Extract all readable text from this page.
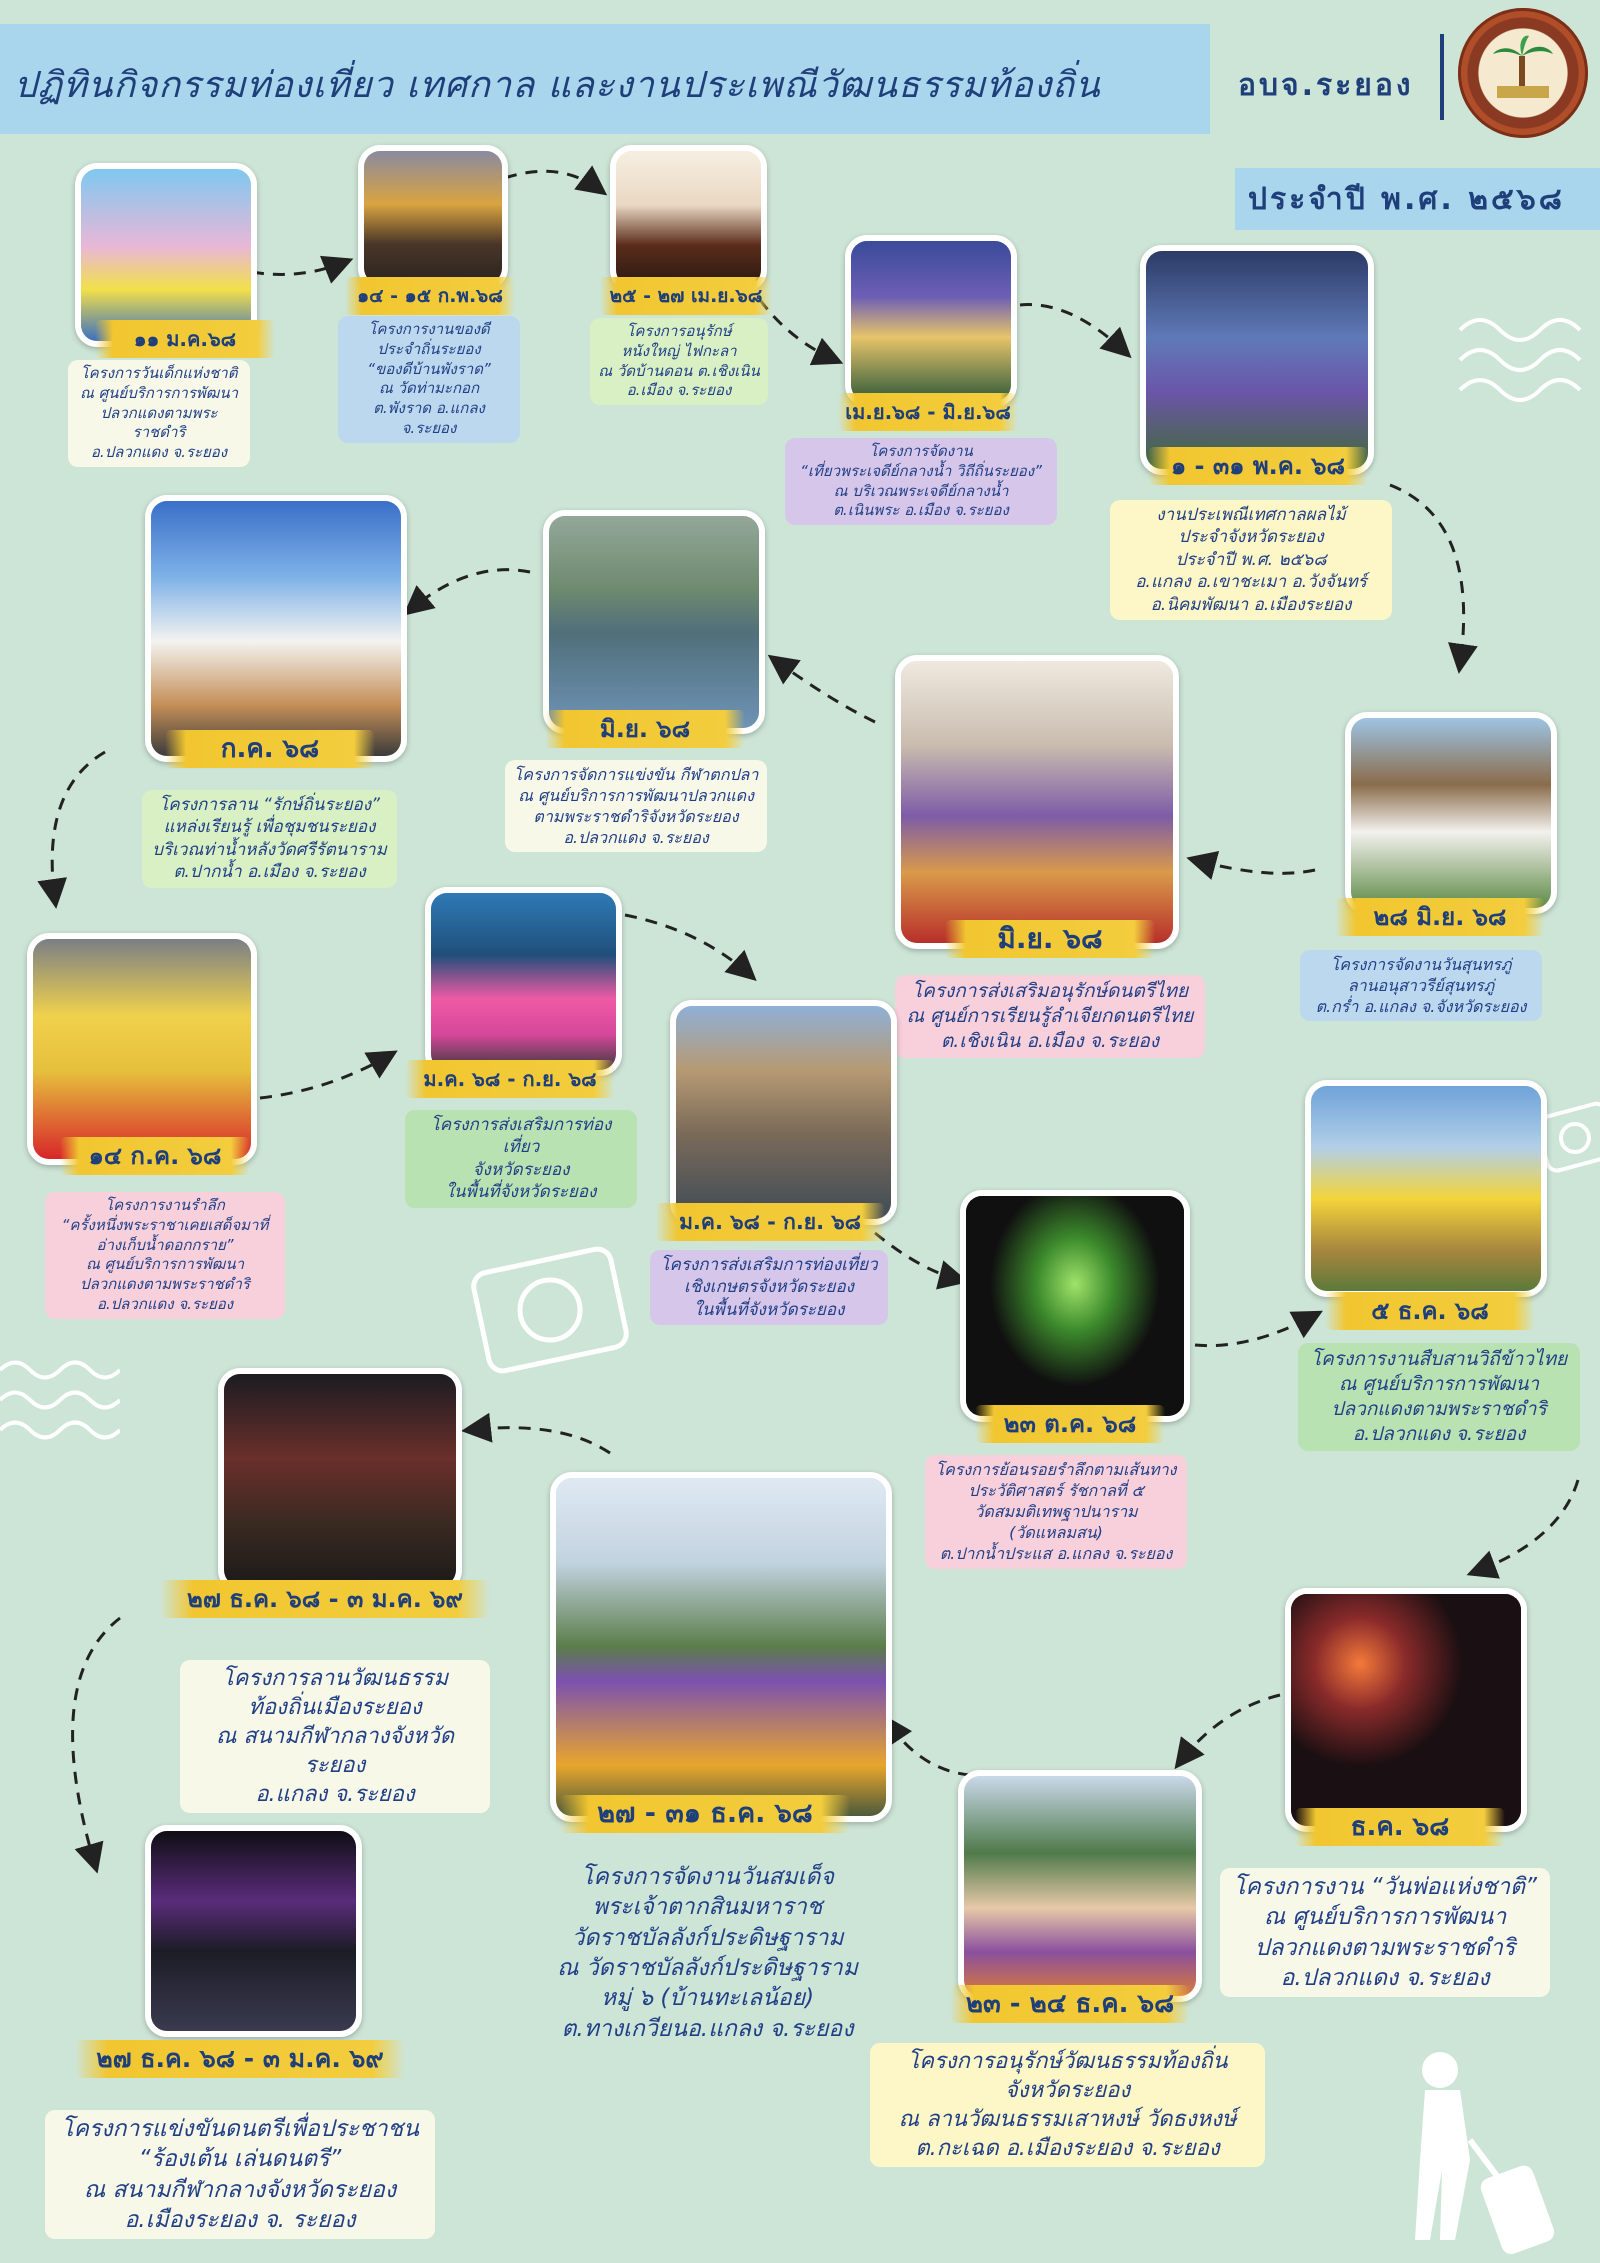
ปฏิทินกิจกรรมท่องเที่ยว เทศกาล และงานประเพณีวัฒนธรรมท้องถิ่น	อบจ.ระยอง
ประจำปี พ.ศ. ๒๕๖๘
๑๑ ม.ค.๖๘
โครงการวันเด็กแห่งชาติ
ณ ศูนย์บริการการพัฒนา
ปลวกแดงตามพระราชดำริ
อ.ปลวกแดง จ.ระยอง
๑๔ - ๑๕ ก.พ.๖๘
โครงการงานของดี
ประจำถิ่นระยอง
“ของดีบ้านพังราด”
ณ วัดท่ามะกอก
ต.พังราด อ.แกลง จ.ระยอง
๒๕ - ๒๗ เม.ย.๖๘
โครงการอนุรักษ์
หนังใหญ่ ไฟกะลา
ณ วัดบ้านดอน ต.เชิงเนิน
อ.เมือง จ.ระยอง
เม.ย.๖๘ - มิ.ย.๖๘
โครงการจัดงาน
“เที่ยวพระเจดีย์กลางน้ำ วิถีถิ่นระยอง”
ณ บริเวณพระเจดีย์กลางน้ำ
ต.เนินพระ อ.เมือง จ.ระยอง
๑ - ๓๑ พ.ค. ๖๘
งานประเพณีเทศกาลผลไม้
ประจำจังหวัดระยอง
ประจำปี พ.ศ. ๒๕๖๘
อ.แกลง อ.เขาชะเมา อ.วังจันทร์
อ.นิคมพัฒนา อ.เมืองระยอง
ก.ค. ๖๘
โครงการลาน “รักษ์ถิ่นระยอง”
แหล่งเรียนรู้ เพื่อชุมชนระยอง
บริเวณท่าน้ำหลังวัดศรีรัตนาราม
ต.ปากน้ำ อ.เมือง จ.ระยอง
มิ.ย. ๖๘
โครงการจัดการแข่งขัน กีฬาตกปลา
ณ ศูนย์บริการการพัฒนาปลวกแดง
ตามพระราชดำริจังหวัดระยอง
อ.ปลวกแดง จ.ระยอง
มิ.ย. ๖๘
โครงการส่งเสริมอนุรักษ์ดนตรีไทย
ณ ศูนย์การเรียนรู้ลำเจียกดนตรีไทย
ต.เชิงเนิน อ.เมือง จ.ระยอง
๒๘ มิ.ย. ๖๘
โครงการจัดงานวันสุนทรภู่
ลานอนุสาวรีย์สุนทรภู่
ต.กร่ำ อ.แกลง จ.จังหวัดระยอง
๑๔ ก.ค. ๖๘
โครงการงานรำลึก
“ครั้งหนึ่งพระราชาเคยเสด็จมาที่
อ่างเก็บน้ำดอกกราย”
ณ ศูนย์บริการการพัฒนา
ปลวกแดงตามพระราชดำริ
อ.ปลวกแดง จ.ระยอง
ม.ค. ๖๘ - ก.ย. ๖๘
โครงการส่งเสริมการท่องเที่ยว
จังหวัดระยอง
ในพื้นที่จังหวัดระยอง
ม.ค. ๖๘ - ก.ย. ๖๘
โครงการส่งเสริมการท่องเที่ยว
เชิงเกษตรจังหวัดระยอง
ในพื้นที่จังหวัดระยอง
๒๓ ต.ค. ๖๘
โครงการย้อนรอยรำลึกตามเส้นทาง
ประวัติศาสตร์ รัชกาลที่ ๕
วัดสมมติเทพฐาปนาราม
(วัดแหลมสน)
ต.ปากน้ำประแส อ.แกลง จ.ระยอง
๕ ธ.ค. ๖๘
โครงการงานสืบสานวิถีข้าวไทย
ณ ศูนย์บริการการพัฒนา
ปลวกแดงตามพระราชดำริ
อ.ปลวกแดง จ.ระยอง
๒๗ ธ.ค. ๖๘ - ๓ ม.ค. ๖๙
โครงการลานวัฒนธรรม
ท้องถิ่นเมืองระยอง
ณ สนามกีฬากลางจังหวัดระยอง
อ.แกลง จ.ระยอง
๒๗ - ๓๑ ธ.ค. ๖๘
โครงการจัดงานวันสมเด็จ
พระเจ้าตากสินมหาราช
วัดราชบัลลังก์ประดิษฐาราม
ณ วัดราชบัลลังก์ประดิษฐาราม
หมู่ ๖ (บ้านทะเลน้อย)
ต.ทางเกวียนอ.แกลง จ.ระยอง
๒๓ - ๒๔ ธ.ค. ๖๘
โครงการอนุรักษ์วัฒนธรรมท้องถิ่น
จังหวัดระยอง
ณ ลานวัฒนธรรมเสาหงษ์ วัดธงหงษ์
ต.กะเฉด อ.เมืองระยอง จ.ระยอง
ธ.ค. ๖๘
โครงการงาน “วันพ่อแห่งชาติ”
ณ ศูนย์บริการการพัฒนา
ปลวกแดงตามพระราชดำริ
อ.ปลวกแดง จ.ระยอง
๒๗ ธ.ค. ๖๘ - ๓ ม.ค. ๖๙
โครงการแข่งขันดนตรีเพื่อประชาชน
“ร้องเต้น เล่นดนตรี”
ณ สนามกีฬากลางจังหวัดระยอง
อ.เมืองระยอง จ. ระยอง
